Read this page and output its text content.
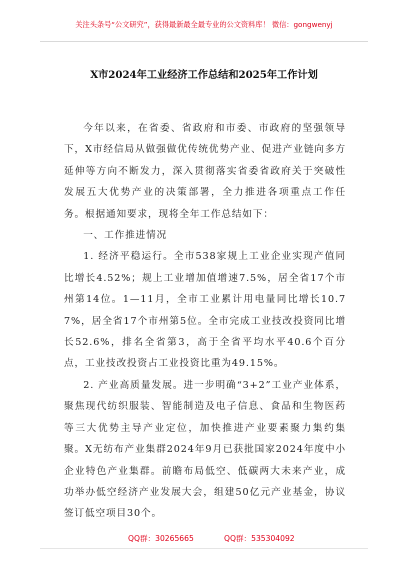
关注头条号“公文研究”，获得最新最全最专业的公文资料库！ 微信：gongwenyj
X市2024年工业经济工作总结和2025年工作计划

今年以来，在省委、省政府和市委、市政府的坚强领导下，X市经信局从做强做优传统优势产业、促进产业链向多方延伸等方向不断发力，深入贯彻落实省委省政府关于突破性发展五大优势产业的决策部署，全力推进各项重点工作任务。根据通知要求，现将全年工作总结如下：

一、工作推进情况

1. 经济平稳运行。全市538家规上工业企业实现产值同比增长4.52%；规上工业增加值增速7.5%，居全省17个市州第14位。1—11月，全市工业累计用电量同比增长10.77%，居全省17个市州第5位。全市完成工业技改投资同比增长52.6%，排名全省第3，高于全省平均水平40.6个百分点，工业技改投资占工业投资比重为49.15%。

2. 产业高质量发展。进一步明确“3+2”工业产业体系，聚焦现代纺织服装、智能制造及电子信息、食品和生物医药等三大优势主导产业定位，加快推进产业要素聚力集约集聚。X无纺布产业集群2024年9月已获批国家2024年度中小企业特色产业集群。前瞻布局低空、低碳两大未来产业，成功举办低空经济产业发展大会，组建50亿元产业基金，协议签订低空项目30个。

QQ群：30265665	QQ群：535304092
